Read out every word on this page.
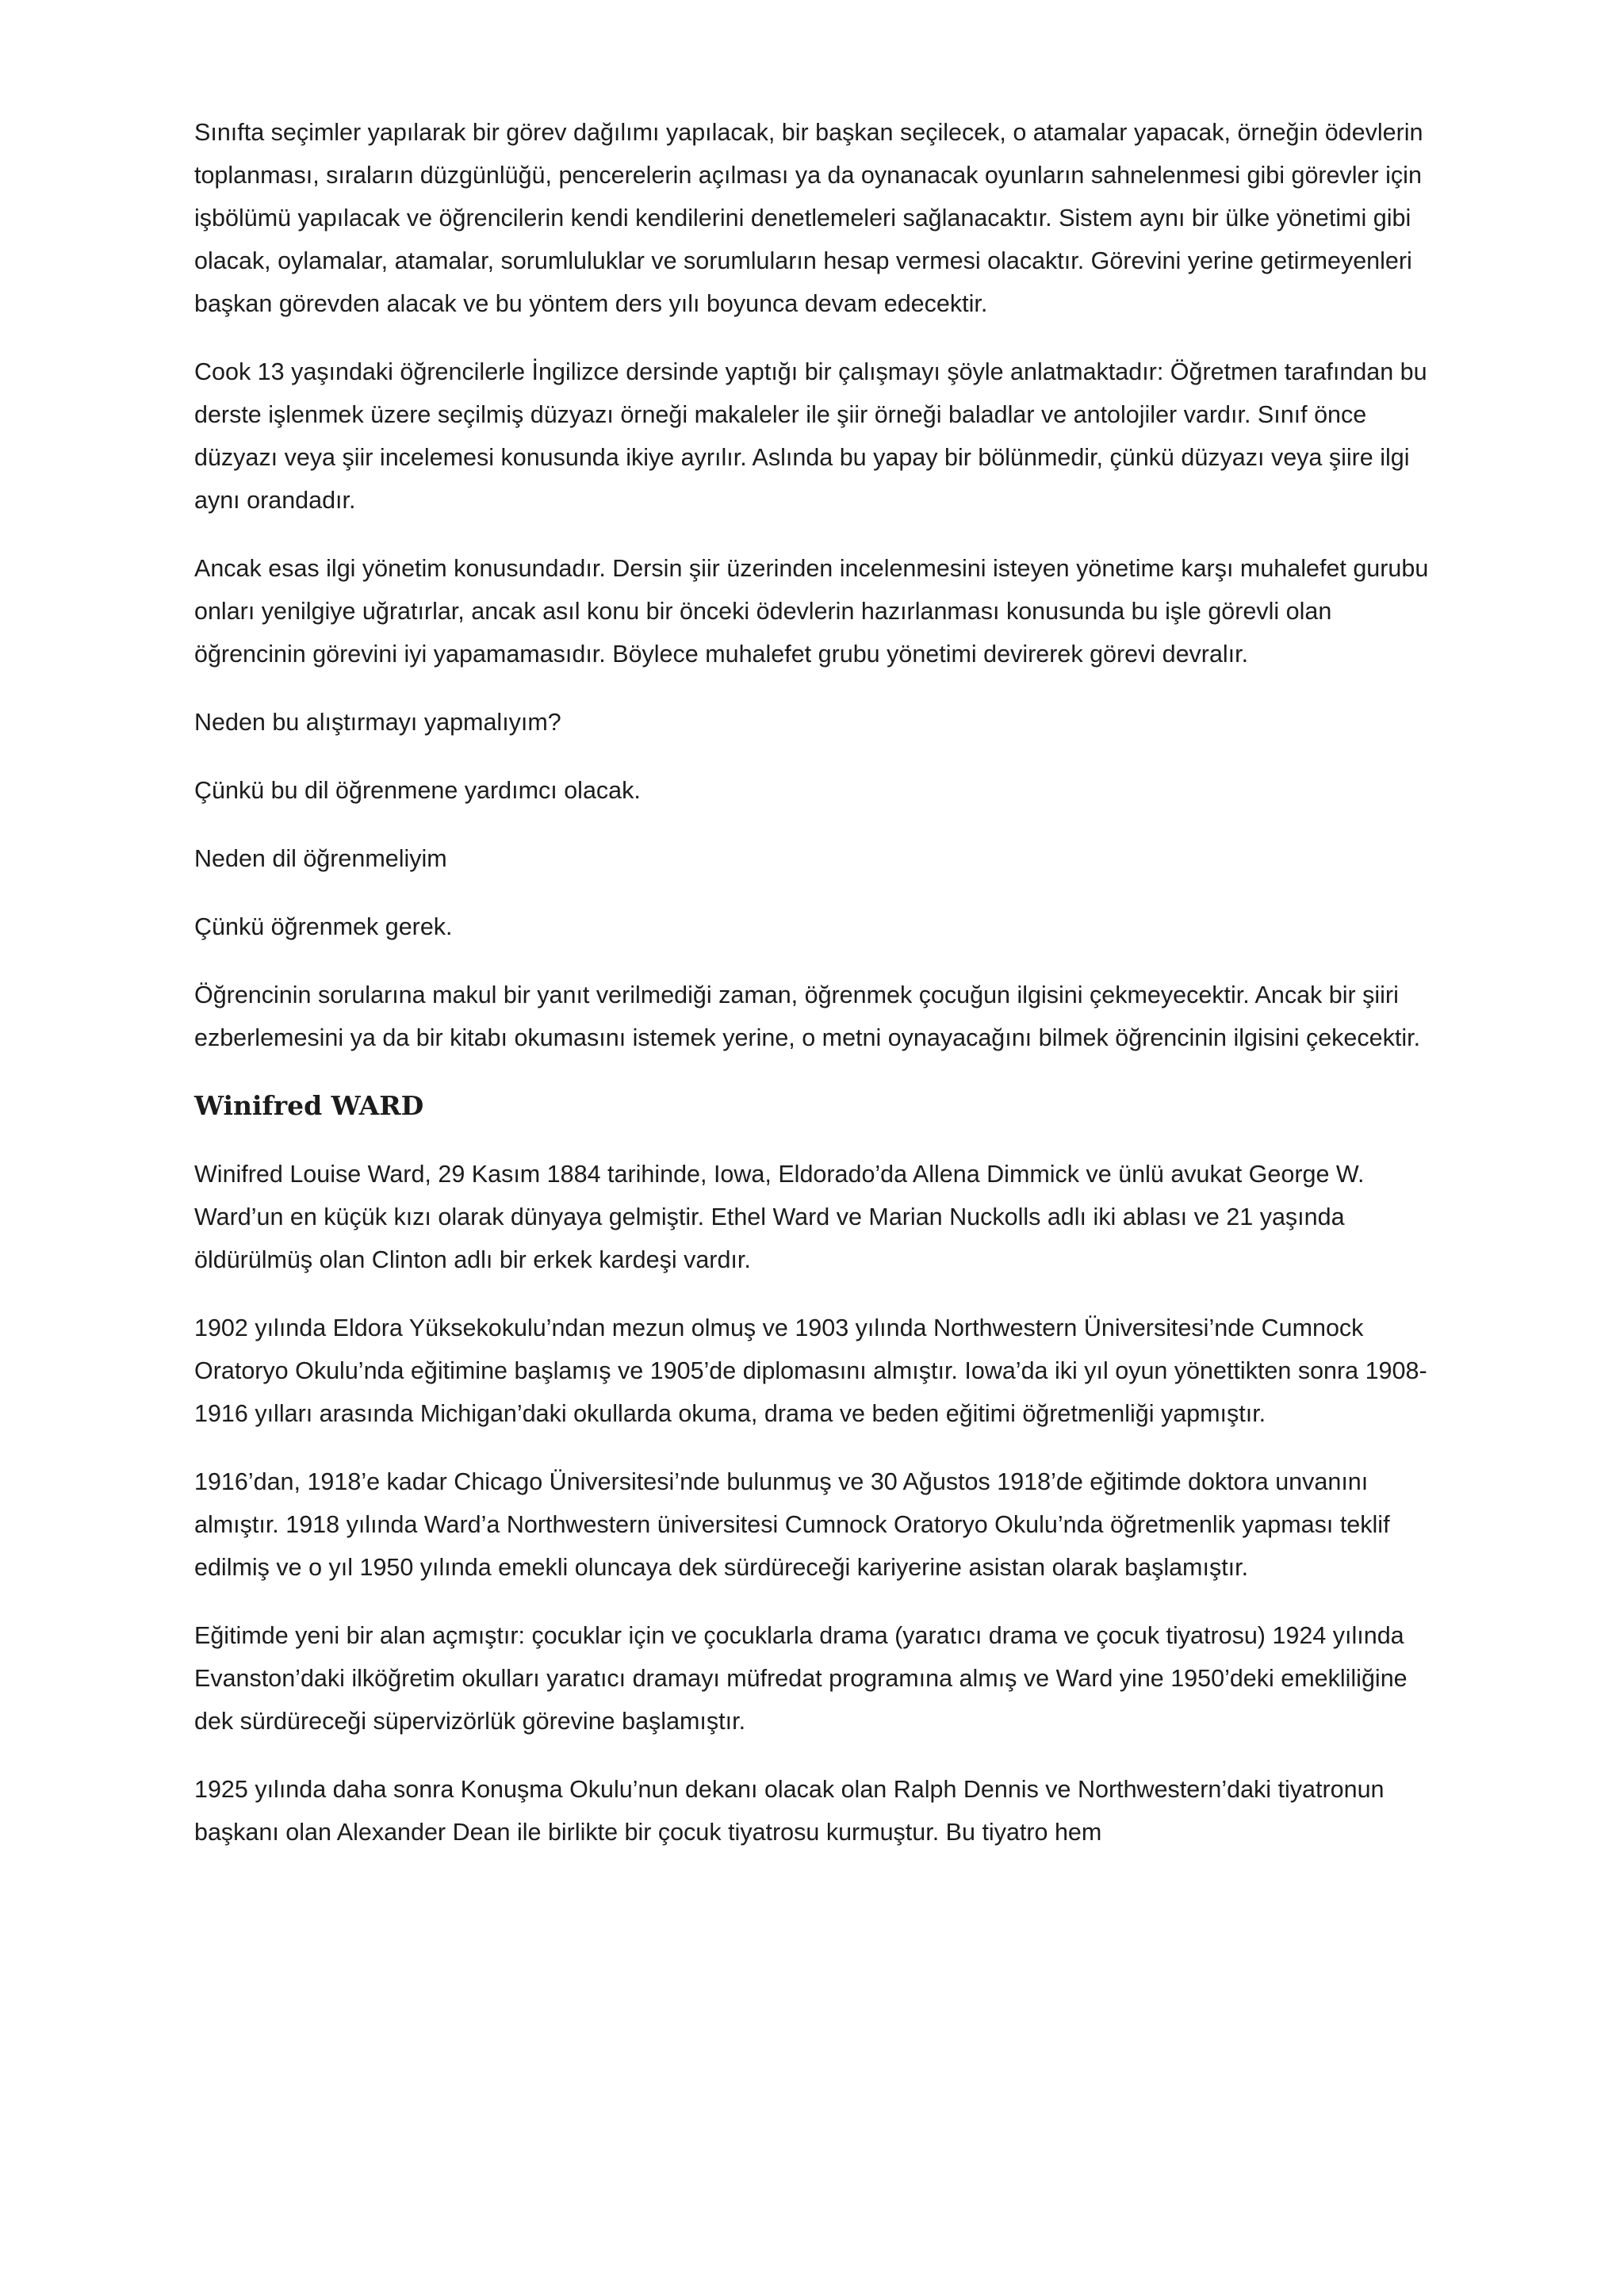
Sınıfta seçimler yapılarak bir görev dağılımı yapılacak, bir başkan seçilecek, o atamalar yapacak, örneğin ödevlerin toplanması, sıraların düzgünlüğü, pencerelerin açılması ya da oynanacak oyunların sahnelenmesi gibi görevler için işbölümü yapılacak ve öğrencilerin kendi kendilerini denetlemeleri sağlanacaktır. Sistem aynı bir ülke yönetimi gibi olacak, oylamalar, atamalar, sorumluluklar ve sorumluların hesap vermesi olacaktır. Görevini yerine getirmeyenleri başkan görevden alacak ve bu yöntem ders yılı boyunca devam edecektir.

Cook 13 yaşındaki öğrencilerle İngilizce dersinde yaptığı bir çalışmayı şöyle anlatmaktadır: Öğretmen tarafından bu derste işlenmek üzere seçilmiş düzyazı örneği makaleler ile şiir örneği baladlar ve antolojiler vardır. Sınıf önce düzyazı veya şiir incelemesi konusunda ikiye ayrılır. Aslında bu yapay bir bölünmedir, çünkü düzyazı veya şiire ilgi aynı orandadır.

Ancak esas ilgi yönetim konusundadır. Dersin şiir üzerinden incelenmesini isteyen yönetime karşı muhalefet gurubu onları yenilgiye uğratırlar, ancak asıl konu bir önceki ödevlerin hazırlanması konusunda bu işle görevli olan öğrencinin görevini iyi yapamamasıdır. Böylece muhalefet grubu yönetimi devirerek görevi devralır.

Neden bu alıştırmayı yapmalıyım?

Çünkü bu dil öğrenmene yardımcı olacak.

Neden dil öğrenmeliyim

Çünkü öğrenmek gerek.

Öğrencinin sorularına makul bir yanıt verilmediği zaman, öğrenmek çocuğun ilgisini çekmeyecektir. Ancak bir şiiri ezberlemesini ya da bir kitabı okumasını istemek yerine, o metni oynayacağını bilmek öğrencinin ilgisini çekecektir.

Winifred WARD

Winifred Louise Ward, 29 Kasım 1884 tarihinde, Iowa, Eldorado’da Allena Dimmick ve ünlü avukat George W. Ward’un en küçük kızı olarak dünyaya gelmiştir. Ethel Ward ve Marian Nuckolls adlı iki ablası ve 21 yaşında öldürülmüş olan Clinton adlı bir erkek kardeşi vardır.

1902 yılında Eldora Yüksekokulu’ndan mezun olmuş ve 1903 yılında Northwestern Üniversitesi’nde Cumnock Oratoryo Okulu’nda eğitimine başlamış ve 1905’de diplomasını almıştır. Iowa’da iki yıl oyun yönettikten sonra 1908-1916 yılları arasında Michigan’daki okullarda okuma, drama ve beden eğitimi öğretmenliği yapmıştır.

1916’dan, 1918’e kadar Chicago Üniversitesi’nde bulunmuş ve 30 Ağustos 1918’de eğitimde doktora unvanını almıştır. 1918 yılında Ward’a Northwestern üniversitesi Cumnock Oratoryo Okulu’nda öğretmenlik yapması teklif edilmiş ve o yıl 1950 yılında emekli oluncaya dek sürdüreceği kariyerine asistan olarak başlamıştır.

Eğitimde yeni bir alan açmıştır: çocuklar için ve çocuklarla drama (yaratıcı drama ve çocuk tiyatrosu) 1924 yılında Evanston’daki ilköğretim okulları yaratıcı dramayı müfredat programına almış ve Ward yine 1950’deki emekliliğine dek sürdüreceği süpervizörlük görevine başlamıştır.

1925 yılında daha sonra Konuşma Okulu’nun dekanı olacak olan Ralph Dennis ve Northwestern’daki tiyatronun başkanı olan Alexander Dean ile birlikte bir çocuk tiyatrosu kurmuştur. Bu tiyatro hem
